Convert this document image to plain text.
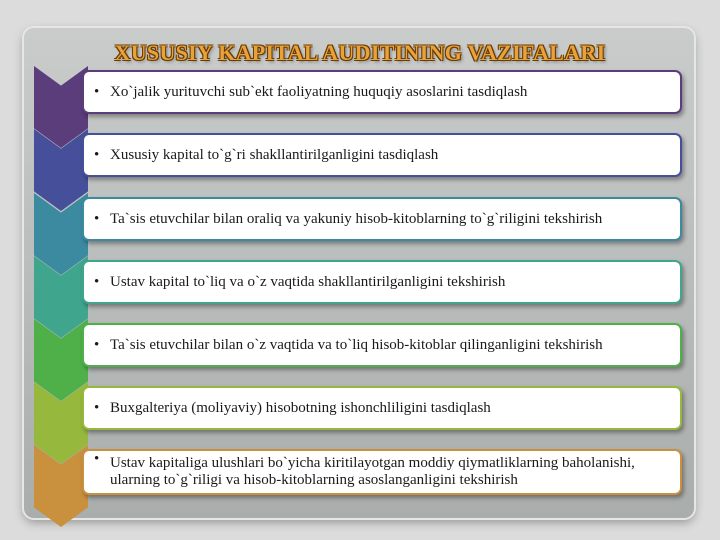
XUSUSIY KAPITAL AUDITINING VAZIFALARI
• Xo`jalik yurituvchi sub`ekt faoliyatning huquqiy asoslarini tasdiqlash
• Xususiy kapital to`g`ri shakllantirilganligini tasdiqlash
• Ta`sis etuvchilar bilan oraliq va yakuniy hisob-kitoblarning to`g`riligini tekshirish
• Ustav kapital to`liq va o`z vaqtida shakllantirilganligini tekshirish
• Ta`sis etuvchilar bilan o`z vaqtida va to`liq hisob-kitoblar qilinganligini tekshirish
• Buxgalteriya (moliyaviy) hisobotning ishonchliligini tasdiqlash
• Ustav kapitaliga ulushlari bo`yicha kiritilayotgan moddiy qiymatliklarning baholanishi, ularning to`g`riligi va hisob-kitoblarning asoslanganligini tekshirish
